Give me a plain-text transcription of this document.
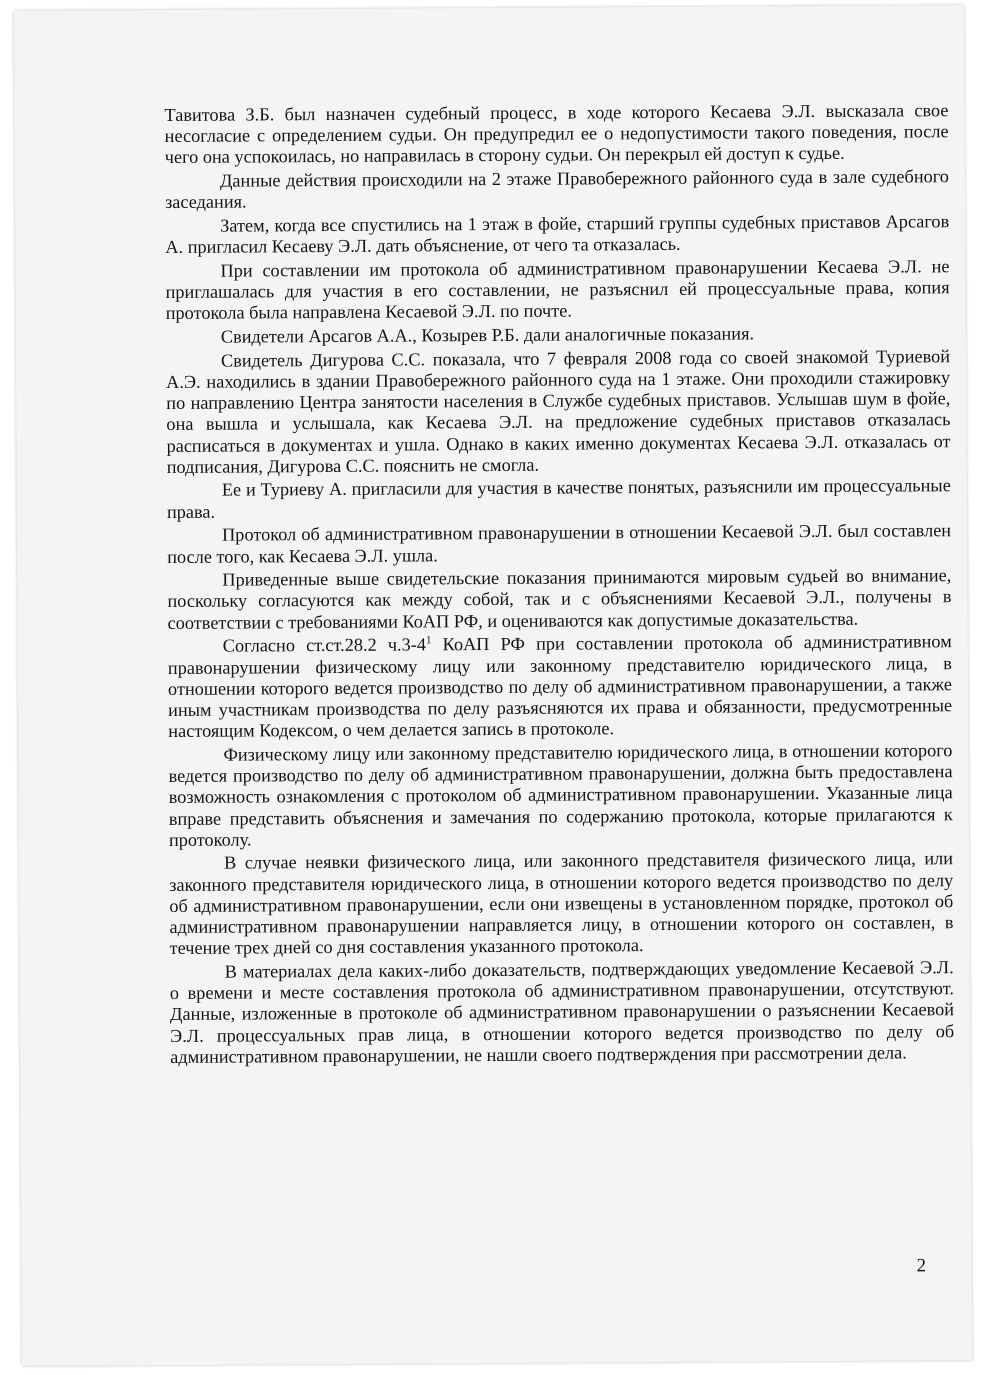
Тавитова З.Б. был назначен судебный процесс, в ходе которого Кесаева Э.Л. высказала свое несогласие с определением судьи. Он предупредил ее о недопустимости такого поведения, после чего она успокоилась, но направилась в сторону судьи. Он перекрыл ей доступ к судье.

Данные действия происходили на 2 этаже Правобережного районного суда в зале судебного заседания.

Затем, когда все спустились на 1 этаж в фойе, старший группы судебных приставов Арсагов А. пригласил Кесаеву Э.Л. дать объяснение, от чего та отказалась.

При составлении им протокола об административном правонарушении Кесаева Э.Л. не приглашалась для участия в его составлении, не разъяснил ей процессуальные права, копия протокола была направлена Кесаевой Э.Л. по почте.

Свидетели Арсагов А.А., Козырев Р.Б. дали аналогичные показания.

Свидетель Дигурова С.С. показала, что 7 февраля 2008 года со своей знакомой Туриевой А.Э. находились в здании Правобережного районного суда на 1 этаже. Они проходили стажировку по направлению Центра занятости населения в Службе судебных приставов. Услышав шум в фойе, она вышла и услышала, как Кесаева Э.Л. на предложение судебных приставов отказалась расписаться в документах и ушла. Однако в каких именно документах Кесаева Э.Л. отказалась от подписания, Дигурова С.С. пояснить не смогла.

Ее и Туриеву А. пригласили для участия в качестве понятых, разъяснили им процессуальные права.

Протокол об административном правонарушении в отношении Кесаевой Э.Л. был составлен после того, как Кесаева Э.Л. ушла.

Приведенные выше свидетельские показания принимаются мировым судьей во внимание, поскольку согласуются как между собой, так и с объяснениями Кесаевой Э.Л., получены в соответствии с требованиями КоАП РФ, и оцениваются как допустимые доказательства.

Согласно ст.ст.28.2 $ч.3-4^1$ КоАП РФ при составлении протокола об административном правонарушении физическому лицу или законному представителю юридического лица, в отношении которого ведется производство по делу об административном правонарушении, а также иным участникам производства по делу разъясняются их права и обязанности, предусмотренные настоящим Кодексом, о чем делается запись в протоколе.

Физическому лицу или законному представителю юридического лица, в отношении которого ведется производство по делу об административном правонарушении, должна быть предоставлена возможность ознакомления с протоколом об административном правонарушении. Указанные лица вправе представить объяснения и замечания по содержанию протокола, которые прилагаются к протоколу.

В случае неявки физического лица, или законного представителя физического лица, или законного представителя юридического лица, в отношении которого ведется производство по делу об административном правонарушении, если они извещены в установленном порядке, протокол об административном правонарушении направляется лицу, в отношении которого он составлен, в течение трех дней со дня составления указанного протокола.

В материалах дела каких-либо доказательств, подтверждающих уведомление Кесаевой Э.Л. о времени и месте составления протокола об административном правонарушении, отсутствуют. Данные, изложенные в протоколе об административном правонарушении о разъяснении Кесаевой Э.Л. процессуальных прав лица, в отношении которого ведется производство по делу об административном правонарушении, не нашли своего подтверждения при рассмотрении дела.

2
